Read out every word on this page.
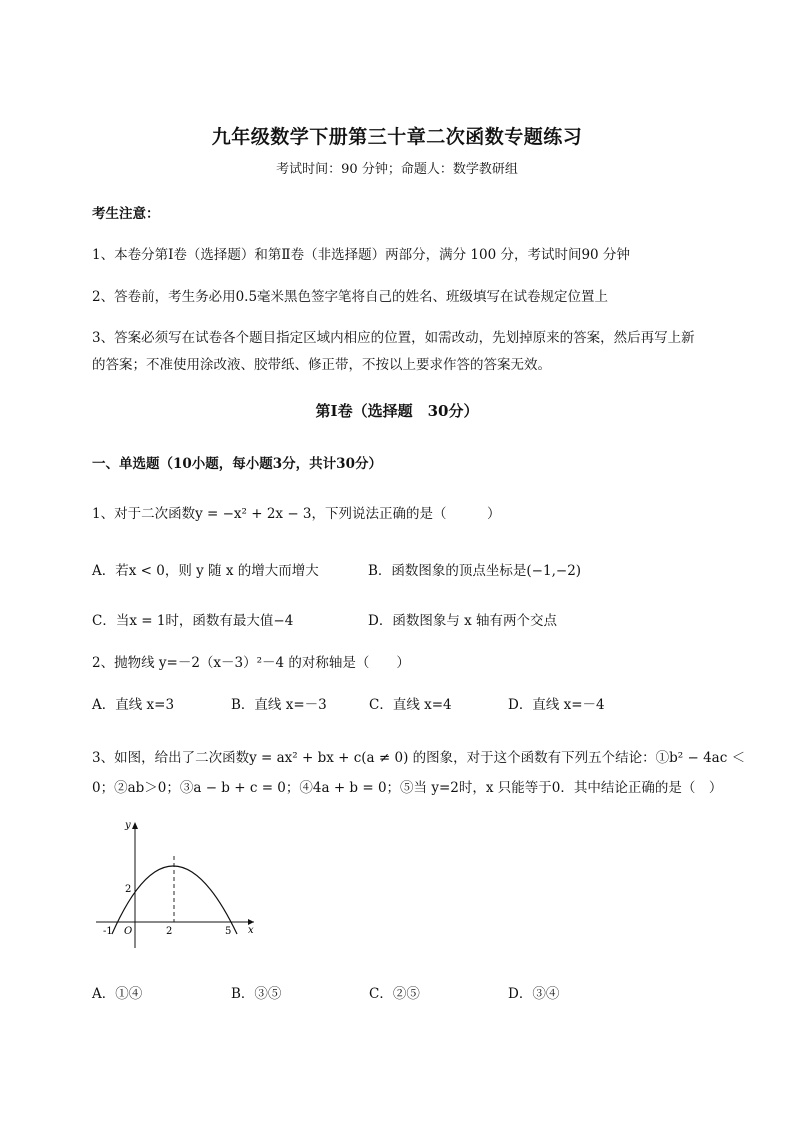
九年级数学下册第三十章二次函数专题练习
考试时间：90 分钟；命题人：数学教研组
考生注意：
1、本卷分第Ⅰ卷（选择题）和第Ⅱ卷（非选择题）两部分，满分 100 分，考试时间90 分钟
2、答卷前，考生务必用0.5毫米黑色签字笔将自己的姓名、班级填写在试卷规定位置上
3、答案必须写在试卷各个题目指定区域内相应的位置，如需改动，先划掉原来的答案，然后再写上新
的答案；不准使用涂改液、胶带纸、修正带，不按以上要求作答的答案无效。
第Ⅰ卷（选择题　30分）
一、单选题（10小题，每小题3分，共计30分）
1、对于二次函数y = −x² + 2x − 3，下列说法正确的是（　　　）
A．若x < 0，则 y 随 x 的增大而增大	B．函数图象的顶点坐标是(−1,−2)
C．当x = 1时，函数有最大值−4	D．函数图象与 x 轴有两个交点
2、抛物线 y=－2（x－3）²－4 的对称轴是（　　）
A．直线 x=3	B．直线 x=－3	C．直线 x=4	D．直线 x=－4
3、如图，给出了二次函数y = ax² + bx + c(a ≠ 0) 的图象，对于这个函数有下列五个结论：①b² − 4ac ＜
0；②ab＞0；③a − b + c = 0；④4a + b = 0；⑤当 y=2时，x 只能等于0．其中结论正确的是（　）
y
x
O
-1	2	5
2
A．①④	B．③⑤	C．②⑤	D．③④
